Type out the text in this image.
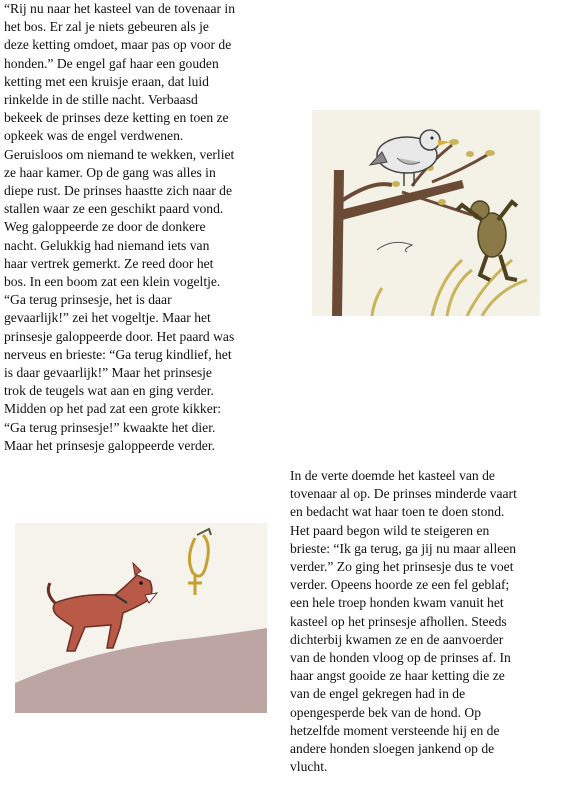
“Rij nu naar het kasteel van de tovenaar in
het bos. Er zal je niets gebeuren als je
deze ketting omdoet, maar pas op voor de
honden.” De engel gaf haar een gouden
ketting met een kruisje eraan, dat luid
rinkelde in de stille nacht. Verbaasd
bekeek de prinses deze ketting en toen ze
opkeek was de engel verdwenen.
Geruisloos om niemand te wekken, verliet
ze haar kamer. Op de gang was alles in
diepe rust. De prinses haastte zich naar de
stallen waar ze een geschikt paard vond.
Weg galoppeerde ze door de donkere
nacht. Gelukkig had niemand iets van
haar vertrek gemerkt. Ze reed door het
bos. In een boom zat een klein vogeltje.
“Ga terug prinsesje, het is daar
gevaarlijk!” zei het vogeltje. Maar het
prinsesje galoppeerde door. Het paard was
nerveus en brieste: “Ga terug kindlief, het
is daar gevaarlijk!” Maar het prinsesje
trok de teugels wat aan en ging verder.
Midden op het pad zat een grote kikker:
“Ga terug prinsesje!” kwaakte het dier.
Maar het prinsesje galoppeerde verder.
In de verte doemde het kasteel van de
tovenaar al op. De prinses minderde vaart
en bedacht wat haar toen te doen stond.
Het paard begon wild te steigeren en
brieste: “Ik ga terug, ga jij nu maar alleen
verder.” Zo ging het prinsesje dus te voet
verder. Opeens hoorde ze een fel geblaf;
een hele troep honden kwam vanuit het
kasteel op het prinsesje afhollen. Steeds
dichterbij kwamen ze en de aanvoerder
van de honden vloog op de prinses af. In
haar angst gooide ze haar ketting die ze
van de engel gekregen had in de
opengesperde bek van de hond. Op
hetzelfde moment versteende hij en de
andere honden sloegen jankend op de
vlucht.
